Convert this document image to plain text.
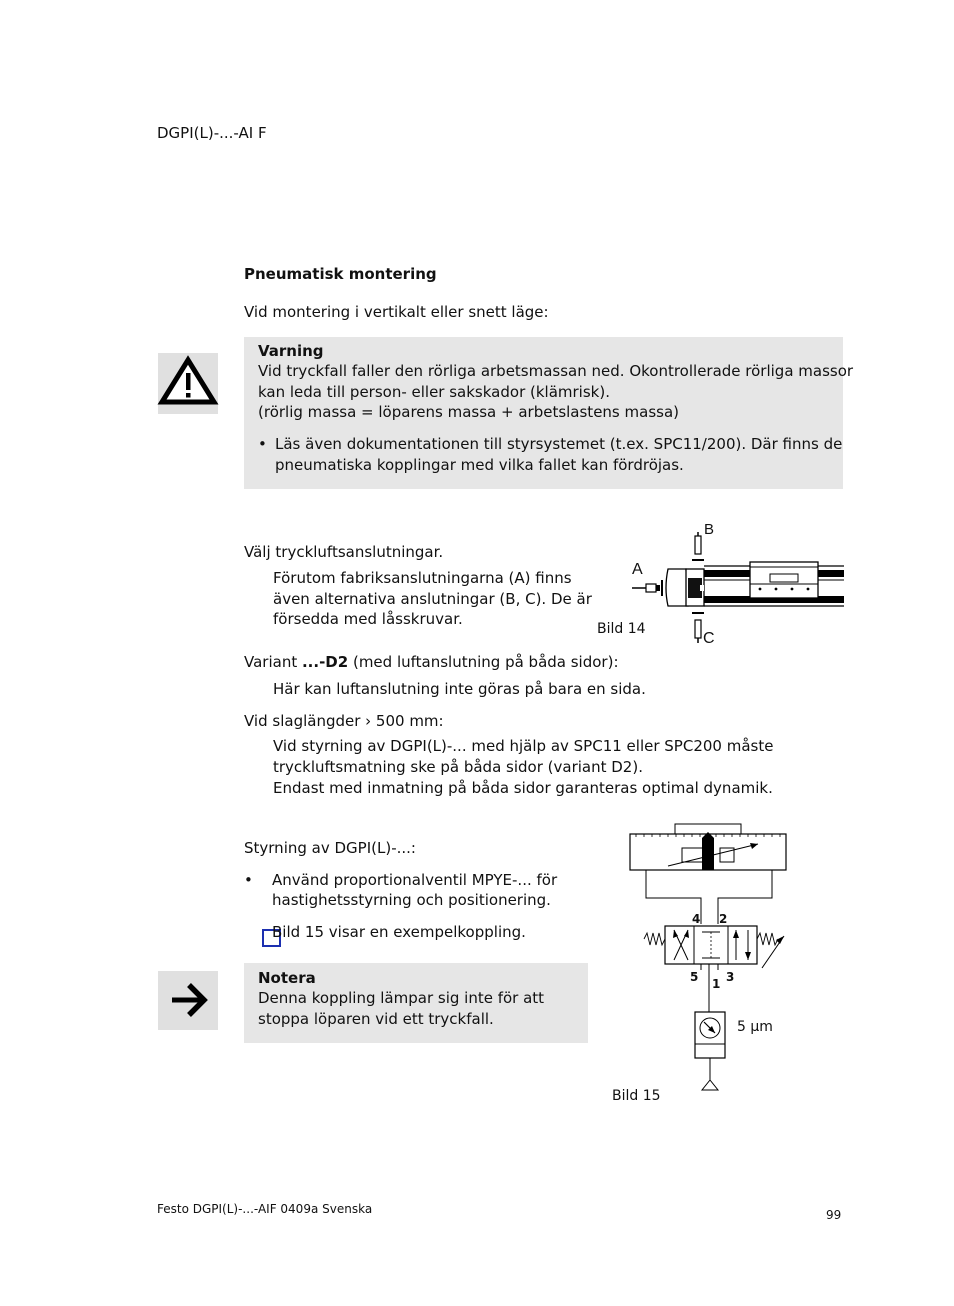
DGPI(L)-...-AI F
Pneumatisk montering
Vid montering i vertikalt eller snett läge:
Varning
Vid tryckfall faller den rörliga arbetsmassan ned. Okontrollerade rörliga massor
kan leda till person- eller sakskador (klämrisk).
(rörlig massa = löparens massa + arbetslastens massa)
• Läs även dokumentationen till styrsystemet (t.ex. SPC11/200). Där finns de
pneumatiska kopplingar med vilka fallet kan fördröjas.
Välj tryckluftsanslutningar.
Förutom fabriksanslutningarna (A) finns
även alternativa anslutningar (B, C). De är
försedda med låsskruvar.
Variant ...-D2 (med luftanslutning på båda sidor):
Här kan luftanslutning inte göras på bara en sida.
Vid slaglängder › 500 mm:
Vid styrning av DGPI(L)-... med hjälp av SPC11 eller SPC200 måste
tryckluftsmatning ske på båda sidor (variant D2).
Endast med inmatning på båda sidor garanteras optimal dynamik.
B
A
C
Bild 14
Styrning av DGPI(L)-...:
• Använd proportionalventil MPYE-... för
hastighetsstyrning och positionering.
Bild 15 visar en exempelkoppling.
Notera
Denna koppling lämpar sig inte för att
stoppa löparen vid ett tryckfall.
4 2
5 1 3
5 µm
Bild 15
Festo DGPI(L)-...-AIF 0409a Svenska	99
